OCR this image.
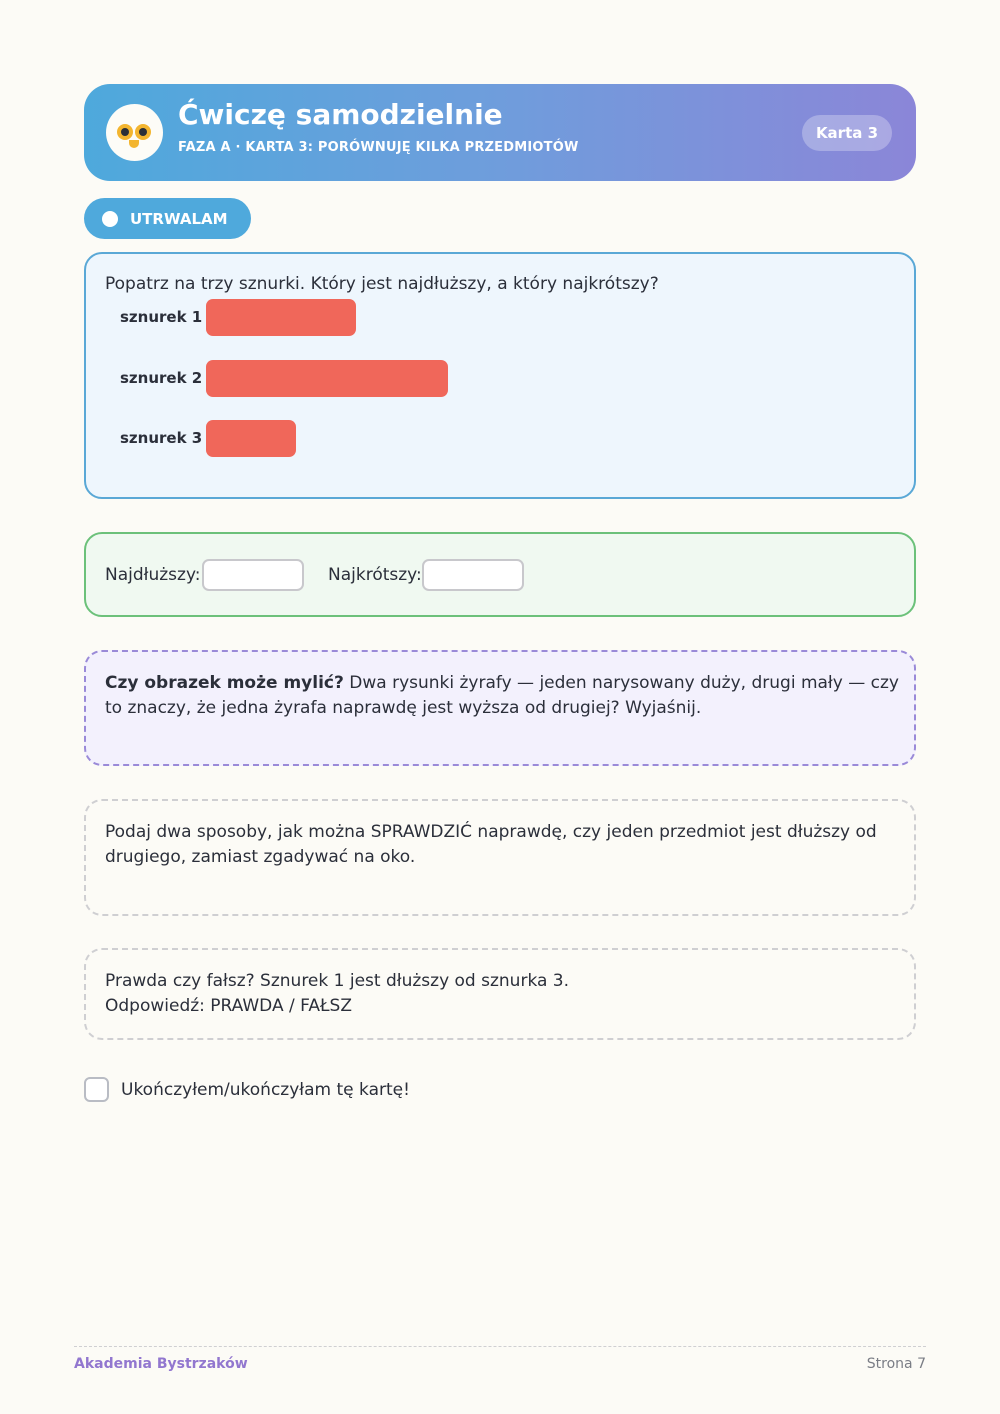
Ćwiczę samodzielnie
FAZA A · KARTA 3: PORÓWNUJĘ KILKA PRZEDMIOTÓW
Karta 3
UTRWALAM
Popatrz na trzy sznurki. Który jest najdłuższy, a który najkrótszy?
sznurek 1
sznurek 2
sznurek 3
Najdłuższy:	Najkrótszy:
Czy obrazek może mylić? Dwa rysunki żyrafy — jeden narysowany duży, drugi mały — czy to znaczy, że jedna żyrafa naprawdę jest wyższa od drugiej? Wyjaśnij.
Podaj dwa sposoby, jak można SPRAWDZIĆ naprawdę, czy jeden przedmiot jest dłuższy od drugiego, zamiast zgadywać na oko.
Prawda czy fałsz? Sznurek 1 jest dłuższy od sznurka 3.
Odpowiedź: PRAWDA / FAŁSZ
Ukończyłem/ukończyłam tę kartę!
Akademia Bystrzaków	Strona 7
